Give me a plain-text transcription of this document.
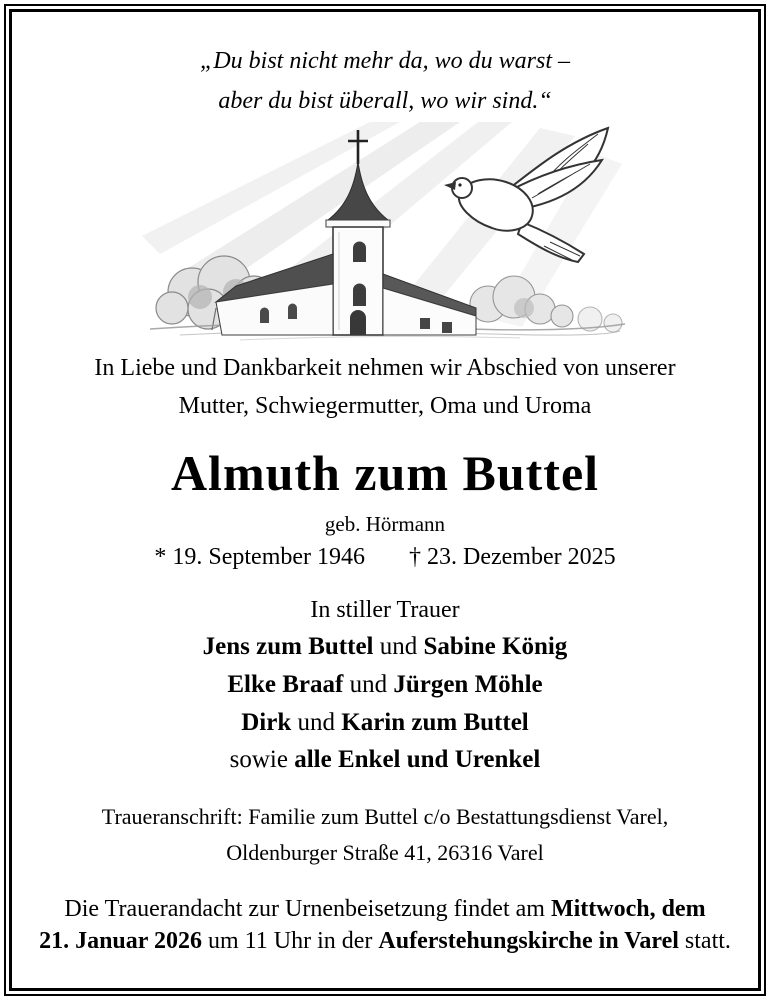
„Du bist nicht mehr da, wo du warst –
aber du bist überall, wo wir sind.“
In Liebe und Dankbarkeit nehmen wir Abschied von unserer
Mutter, Schwiegermutter, Oma und Uroma
Almuth zum Buttel
geb. Hörmann
* 19. September 1946 † 23. Dezember 2025
In stiller Trauer
Jens zum Buttel und Sabine König
Elke Braaf und Jürgen Möhle
Dirk und Karin zum Buttel
sowie alle Enkel und Urenkel
Traueranschrift: Familie zum Buttel c/o Bestattungsdienst Varel,
Oldenburger Straße 41, 26316 Varel
Die Trauerandacht zur Urnenbeisetzung findet am Mittwoch, dem
21. Januar 2026 um 11 Uhr in der Auferstehungskirche in Varel statt.
